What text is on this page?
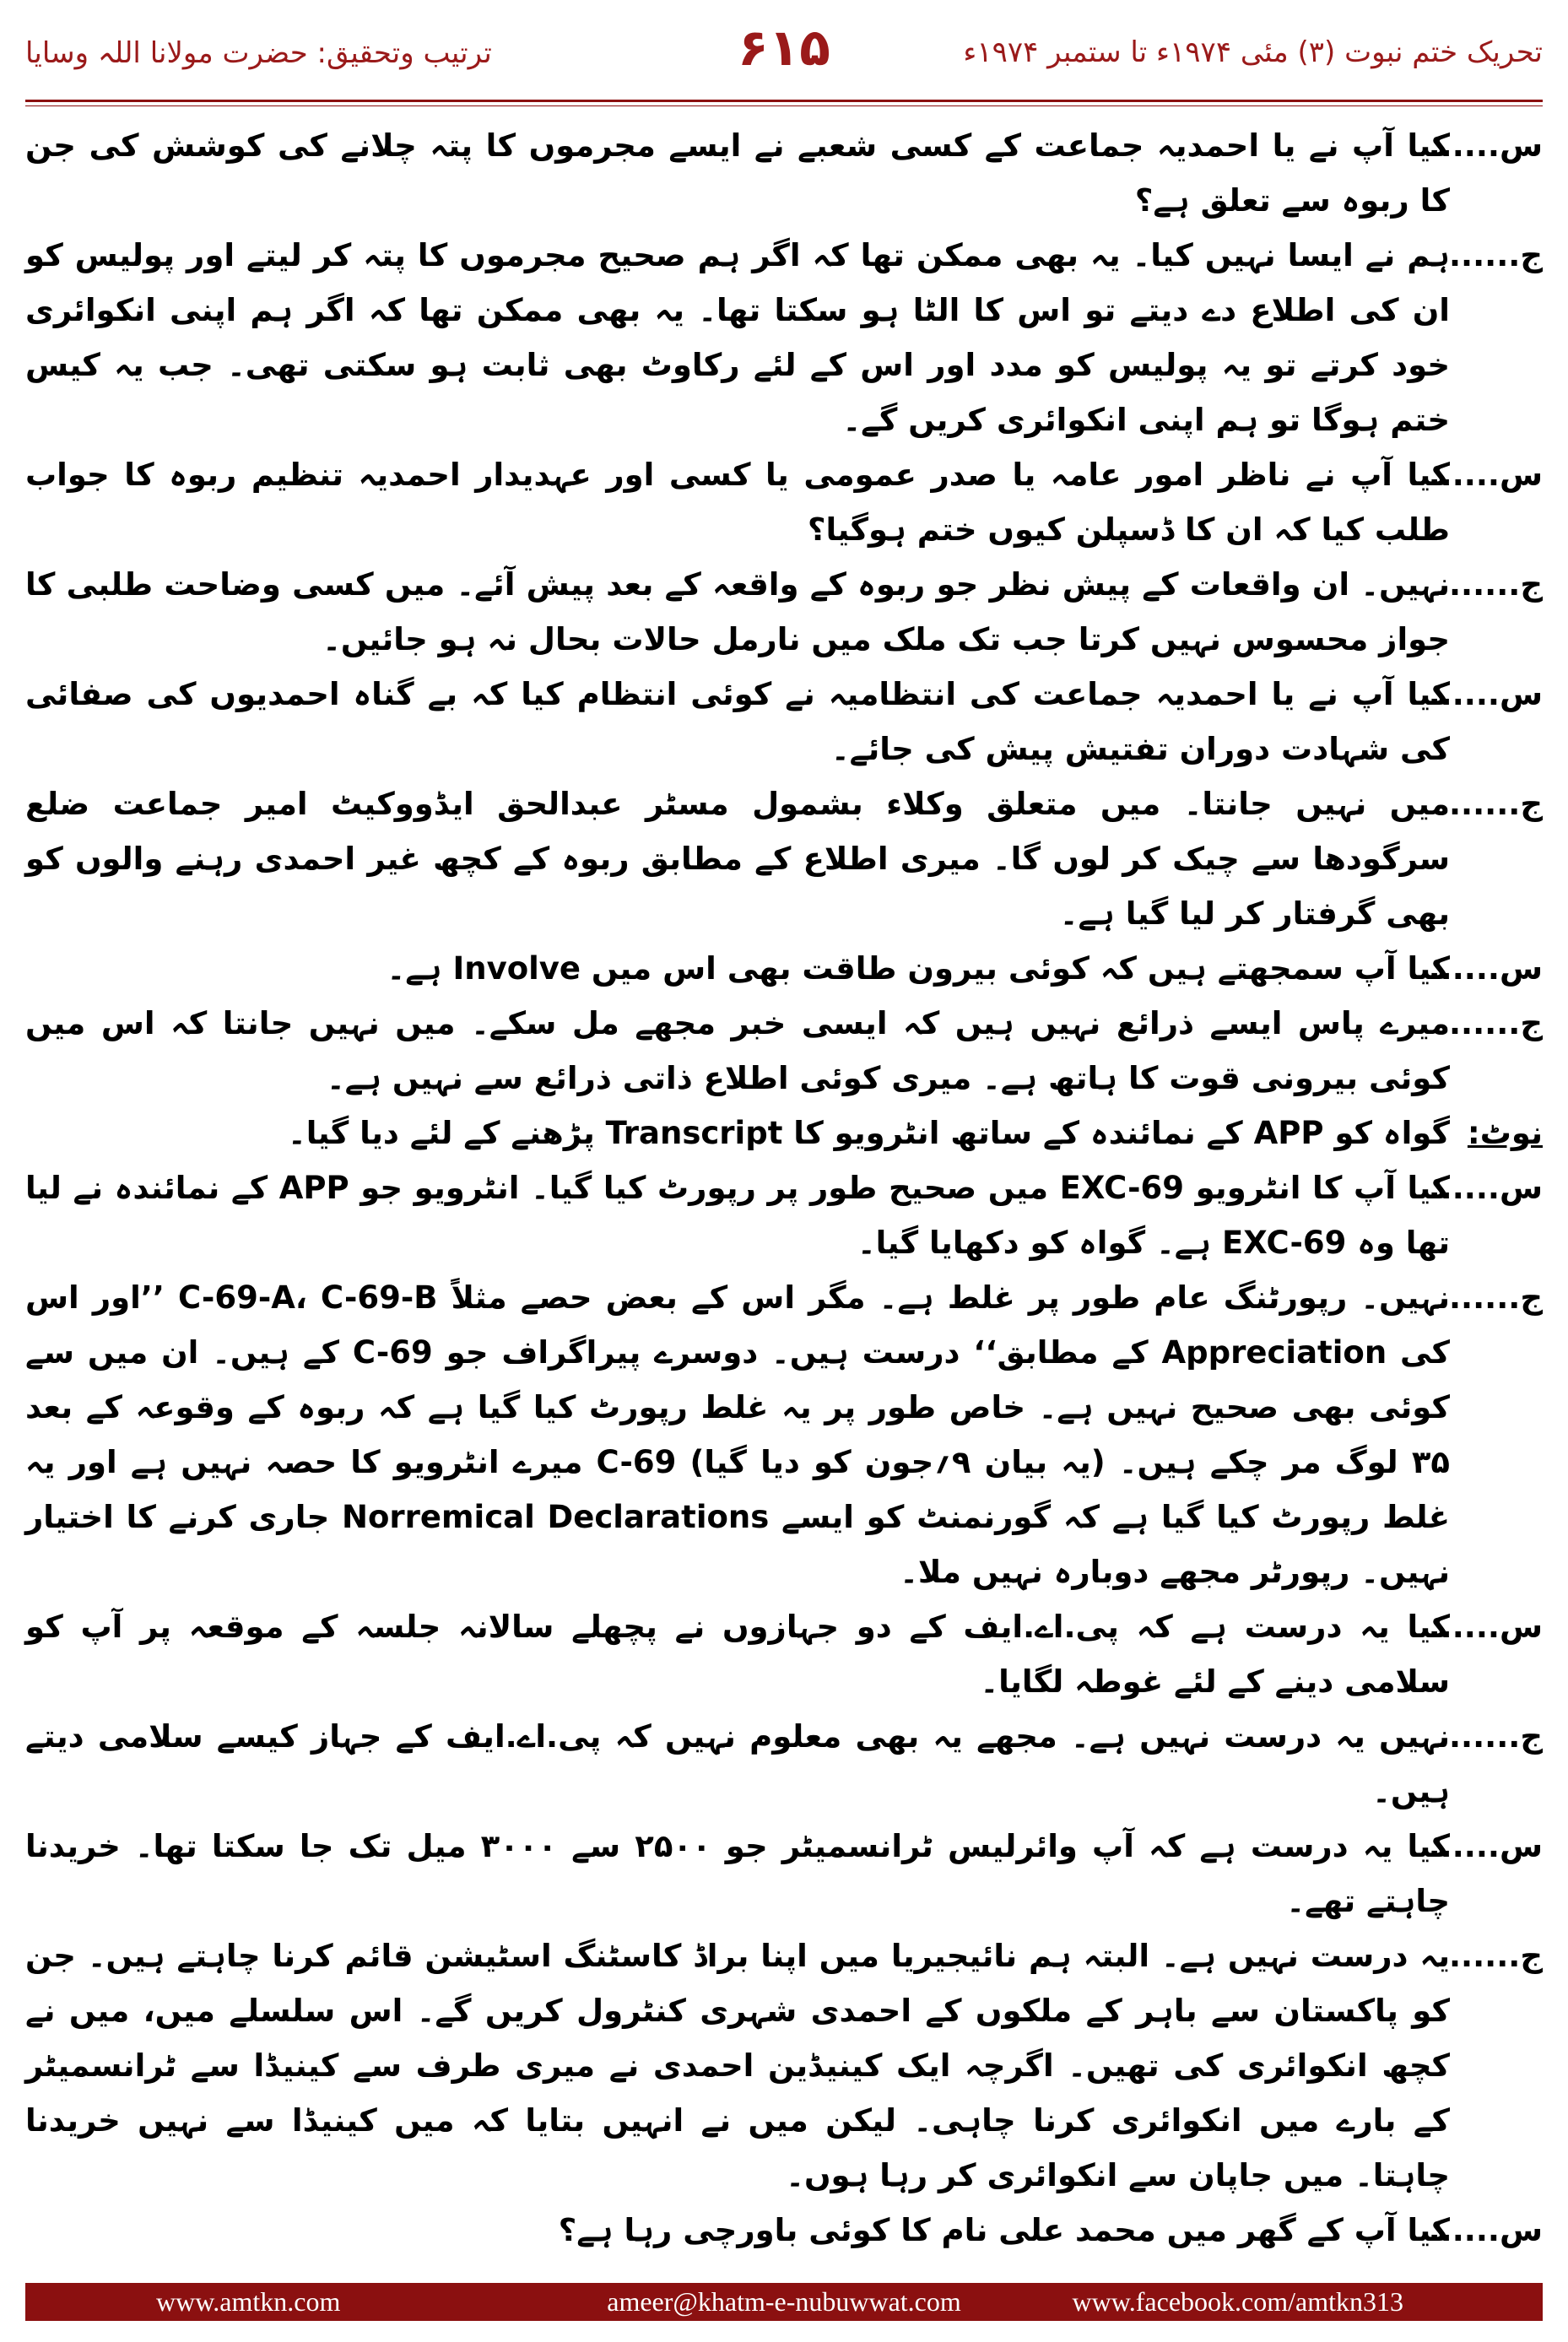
ترتیب وتحقیق: حضرت مولانا اللہ وسایا	۶۱۵	تحریک ختم نبوت (۳) مئی ۱۹۷۴ء تا ستمبر ۱۹۷۴ء
س......
کیا آپ نے یا احمدیہ جماعت کے کسی شعبے نے ایسے مجرموں کا پتہ چلانے کی کوشش کی جن کا ربوہ سے تعلق ہے؟
ج......
ہم نے ایسا نہیں کیا۔ یہ بھی ممکن تھا کہ اگر ہم صحیح مجرموں کا پتہ کر لیتے اور پولیس کو ان کی اطلاع دے دیتے تو اس کا الٹا ہو سکتا تھا۔ یہ بھی ممکن تھا کہ اگر ہم اپنی انکوائری خود کرتے تو یہ پولیس کو مدد اور اس کے لئے رکاوٹ بھی ثابت ہو سکتی تھی۔ جب یہ کیس ختم ہوگا تو ہم اپنی انکوائری کریں گے۔
س......
کیا آپ نے ناظر امور عامہ یا صدر عمومی یا کسی اور عہدیدار احمدیہ تنظیم ربوہ کا جواب طلب کیا کہ ان کا ڈسپلن کیوں ختم ہوگیا؟
ج......
نہیں۔ ان واقعات کے پیش نظر جو ربوہ کے واقعہ کے بعد پیش آئے۔ میں کسی وضاحت طلبی کا جواز محسوس نہیں کرتا جب تک ملک میں نارمل حالات بحال نہ ہو جائیں۔
س......
کیا آپ نے یا احمدیہ جماعت کی انتظامیہ نے کوئی انتظام کیا کہ بے گناہ احمدیوں کی صفائی کی شہادت دوران تفتیش پیش کی جائے۔
ج......
میں نہیں جانتا۔ میں متعلق وکلاء بشمول مسٹر عبدالحق ایڈووکیٹ امیر جماعت ضلع سرگودھا سے چیک کر لوں گا۔ میری اطلاع کے مطابق ربوہ کے کچھ غیر احمدی رہنے والوں کو بھی گرفتار کر لیا گیا ہے۔
س......
کیا آپ سمجھتے ہیں کہ کوئی بیرون طاقت بھی اس میں Involve ہے۔
ج......
میرے پاس ایسے ذرائع نہیں ہیں کہ ایسی خبر مجھے مل سکے۔ میں نہیں جانتا کہ اس میں کوئی بیرونی قوت کا ہاتھ ہے۔ میری کوئی اطلاع ذاتی ذرائع سے نہیں ہے۔
نوٹ:
گواہ کو APP کے نمائندہ کے ساتھ انٹرویو کا Transcript پڑھنے کے لئے دیا گیا۔
س......
کیا آپ کا انٹرویو EXC-69 میں صحیح طور پر رپورٹ کیا گیا۔ انٹرویو جو APP کے نمائندہ نے لیا تھا وہ EXC-69 ہے۔ گواہ کو دکھایا گیا۔
ج......
نہیں۔ رپورٹنگ عام طور پر غلط ہے۔ مگر اس کے بعض حصے مثلاً C-69-A، C-69-B ’’اور اس کی Appreciation کے مطابق‘‘ درست ہیں۔ دوسرے پیراگراف جو C-69 کے ہیں۔ ان میں سے کوئی بھی صحیح نہیں ہے۔ خاص طور پر یہ غلط رپورٹ کیا گیا ہے کہ ربوہ کے وقوعہ کے بعد ۳۵ لوگ مر چکے ہیں۔ (یہ بیان ۹؍جون کو دیا گیا) C-69 میرے انٹرویو کا حصہ نہیں ہے اور یہ غلط رپورٹ کیا گیا ہے کہ گورنمنٹ کو ایسے Norremical Declarations جاری کرنے کا اختیار نہیں۔ رپورٹر مجھے دوبارہ نہیں ملا۔
س......
کیا یہ درست ہے کہ پی.اے.ایف کے دو جہازوں نے پچھلے سالانہ جلسہ کے موقعہ پر آپ کو سلامی دینے کے لئے غوطہ لگایا۔
ج......
نہیں یہ درست نہیں ہے۔ مجھے یہ بھی معلوم نہیں کہ پی.اے.ایف کے جہاز کیسے سلامی دیتے ہیں۔
س......
کیا یہ درست ہے کہ آپ وائرلیس ٹرانسمیٹر جو ۲۵۰۰ سے ۳۰۰۰ میل تک جا سکتا تھا۔ خریدنا چاہتے تھے۔
ج......
یہ درست نہیں ہے۔ البتہ ہم نائیجیریا میں اپنا براڈ کاسٹنگ اسٹیشن قائم کرنا چاہتے ہیں۔ جن کو پاکستان سے باہر کے ملکوں کے احمدی شہری کنٹرول کریں گے۔ اس سلسلے میں، میں نے کچھ انکوائری کی تھیں۔ اگرچہ ایک کینیڈین احمدی نے میری طرف سے کینیڈا سے ٹرانسمیٹر کے بارے میں انکوائری کرنا چاہی۔ لیکن میں نے انہیں بتایا کہ میں کینیڈا سے نہیں خریدنا چاہتا۔ میں جاپان سے انکوائری کر رہا ہوں۔
س......
کیا آپ کے گھر میں محمد علی نام کا کوئی باورچی رہا ہے؟
www.amtkn.com	ameer@khatm-e-nubuwwat.com	www.facebook.com/amtkn313
